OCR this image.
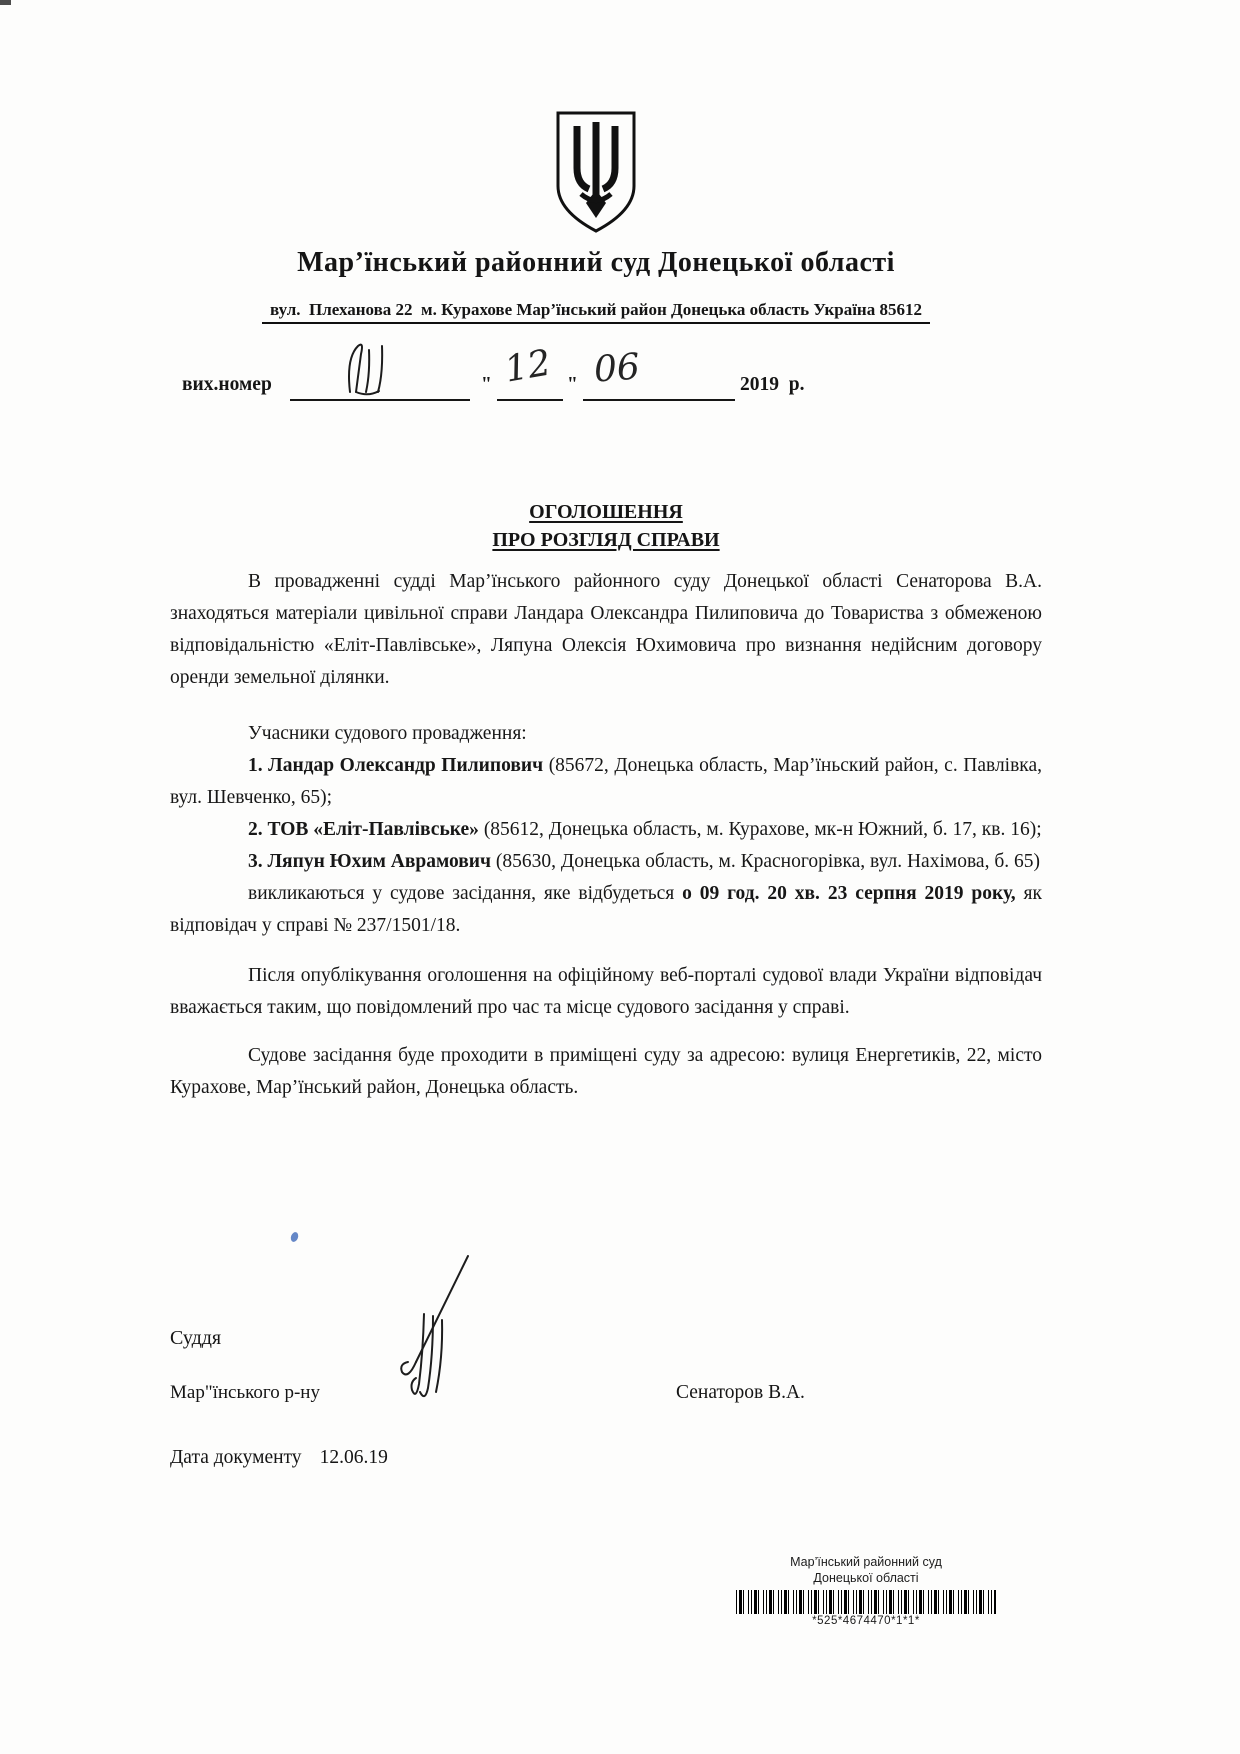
Мар’їнський районний суд Донецької області
вул.  Плеханова 22  м. Курахове Мар’їнський район Донецька область Україна 85612
вих.номер	" 12 " 06	2019  р.
ОГОЛОШЕННЯ
ПРО РОЗГЛЯД СПРАВИ

В провадженні судді Мар’їнського районного суду Донецької області Сенаторова В.А. знаходяться матеріали цивільної справи Ландара Олександра Пилиповича до Товариства з обмеженою відповідальністю «Еліт-Павлівське», Ляпуна Олексія Юхимовича про визнання недійсним договору оренди земельної ділянки.

Учасники судового провадження:

1. Ландар Олександр Пилипович (85672, Донецька область, Мар’їньский район, с. Павлівка, вул. Шевченко, 65);

2. ТОВ «Еліт-Павлівське» (85612, Донецька область, м. Курахове, мк-н Южний, б. 17, кв. 16);

3. Ляпун Юхим Аврамович (85630, Донецька область, м. Красногорівка, вул. Нахімова, б. 65)

викликаються у судове засідання, яке відбудеться о 09 год. 20 хв. 23 серпня 2019 року, як відповідач у справі № 237/1501/18.

Після опублікування оголошення на офіційному веб-порталі судової влади України відповідач вважається таким, що повідомлений про час та місце судового засідання у справі.

Судове засідання буде проходити в приміщені суду за адресою: вулиця Енергетиків, 22, місто Курахове, Мар’їнський район, Донецька область.

Суддя
Мар"їнського р-ну	Сенаторов В.А.
Дата документу 12.06.19
Мар’їнський районний суд
Донецької області
*525*4674470*1*1*
